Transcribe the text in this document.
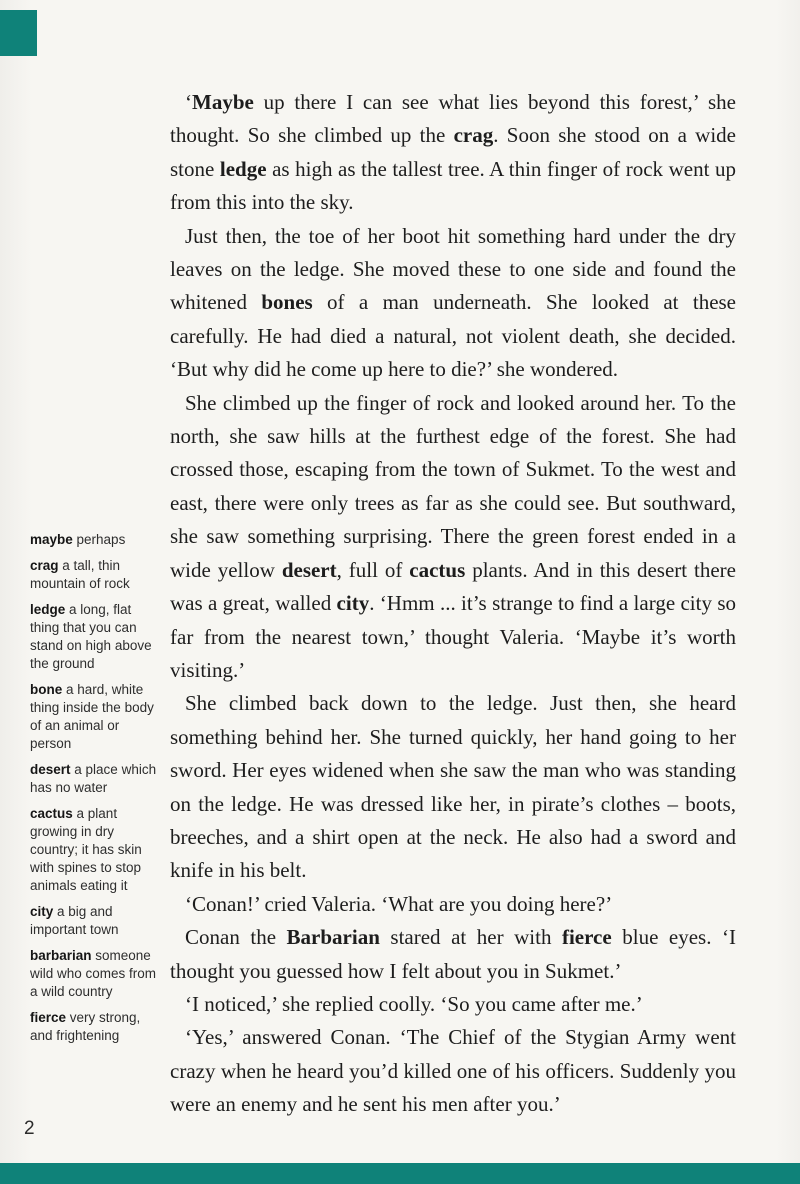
‘Maybe up there I can see what lies beyond this forest,’ she thought. So she climbed up the crag. Soon she stood on a wide stone ledge as high as the tallest tree. A thin finger of rock went up from this into the sky.

Just then, the toe of her boot hit something hard under the dry leaves on the ledge. She moved these to one side and found the whitened bones of a man underneath. She looked at these carefully. He had died a natural, not violent death, she decided. ‘But why did he come up here to die?’ she wondered.

She climbed up the finger of rock and looked around her. To the north, she saw hills at the furthest edge of the forest. She had crossed those, escaping from the town of Sukmet. To the west and east, there were only trees as far as she could see. But southward, she saw something surprising. There the green forest ended in a wide yellow desert, full of cactus plants. And in this desert there was a great, walled city. ‘Hmm ... it’s strange to find a large city so far from the nearest town,’ thought Valeria. ‘Maybe it’s worth visiting.’

She climbed back down to the ledge. Just then, she heard something behind her. She turned quickly, her hand going to her sword. Her eyes widened when she saw the man who was standing on the ledge. He was dressed like her, in pirate’s clothes – boots, breeches, and a shirt open at the neck. He also had a sword and knife in his belt.

‘Conan!’ cried Valeria. ‘What are you doing here?’

Conan the Barbarian stared at her with fierce blue eyes. ‘I thought you guessed how I felt about you in Sukmet.’

‘I noticed,’ she replied coolly. ‘So you came after me.’

‘Yes,’ answered Conan. ‘The Chief of the Stygian Army went crazy when he heard you’d killed one of his officers. Suddenly you were an enemy and he sent his men after you.’

maybe perhaps
crag a tall, thin mountain of rock
ledge a long, flat thing that you can stand on high above the ground
bone a hard, white thing inside the body of an animal or person
desert a place which has no water
cactus a plant growing in dry country; it has skin with spines to stop animals eating it
city a big and important town
barbarian someone wild who comes from a wild country
fierce very strong, and frightening
2
